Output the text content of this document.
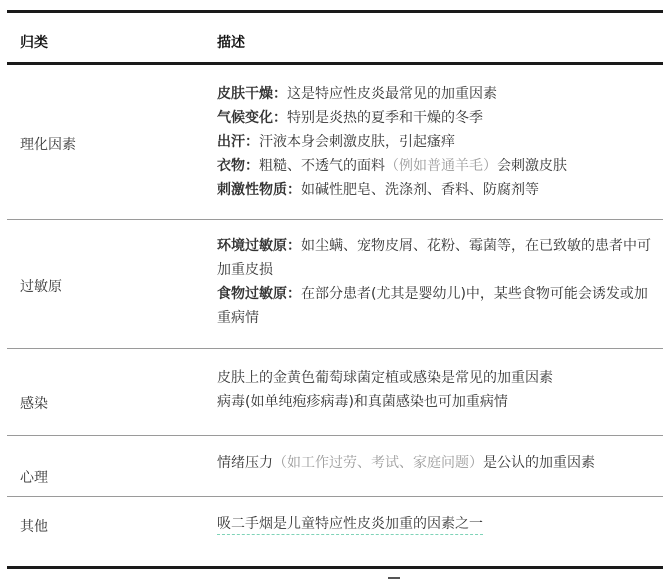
归类	描述
理化因素
皮肤干燥：这是特应性皮炎最常见的加重因素
气候变化：特别是炎热的夏季和干燥的冬季
出汗：汗液本身会刺激皮肤，引起瘙痒
衣物：粗糙、不透气的面料（例如普通羊毛）会刺激皮肤
刺激性物质：如碱性肥皂、洗涤剂、香料、防腐剂等
过敏原
环境过敏原：如尘螨、宠物皮屑、花粉、霉菌等，在已致敏的患者中可加重皮损
食物过敏原：在部分患者(尤其是婴幼儿)中，某些食物可能会诱发或加重病情
感染
皮肤上的金黄色葡萄球菌定植或感染是常见的加重因素
病毒(如单纯疱疹病毒)和真菌感染也可加重病情
心理
情绪压力（如工作过劳、考试、家庭问题）是公认的加重因素
其他	吸二手烟是儿童特应性皮炎加重的因素之一
